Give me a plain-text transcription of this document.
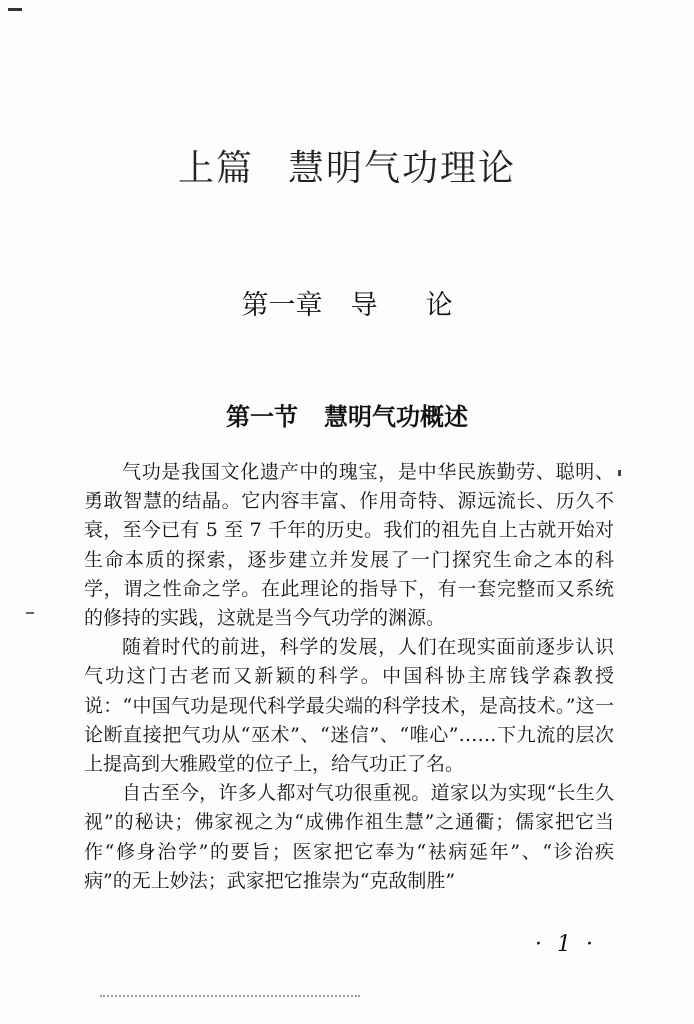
上篇 慧明气功理论
第一章 导 论
第一节 慧明气功概述

气功是我国文化遗产中的瑰宝，是中华民族勤劳、聪明、勇敢智慧的结晶。它内容丰富、作用奇特、源远流长、历久不衰，至今已有 5 至 7 千年的历史。我们的祖先自上古就开始对生命本质的探索，逐步建立并发展了一门探究生命之本的科学，谓之性命之学。在此理论的指导下，有一套完整而又系统的修持的实践，这就是当今气功学的渊源。

随着时代的前进，科学的发展，人们在现实面前逐步认识气功这门古老而又新颖的科学。中国科协主席钱学森教授说：“中国气功是现代科学最尖端的科学技术，是高技术。”这一论断直接把气功从“巫术”、“迷信”、“唯心”……下九流的层次上提高到大雅殿堂的位子上，给气功正了名。

自古至今，许多人都对气功很重视。道家以为实现“长生久视”的秘诀；佛家视之为“成佛作祖生慧”之通衢；儒家把它当作“修身治学”的要旨；医家把它奉为“袪病延年”、“诊治疾病”的无上妙法；武家把它推崇为“克敌制胜”

· 1 ·
